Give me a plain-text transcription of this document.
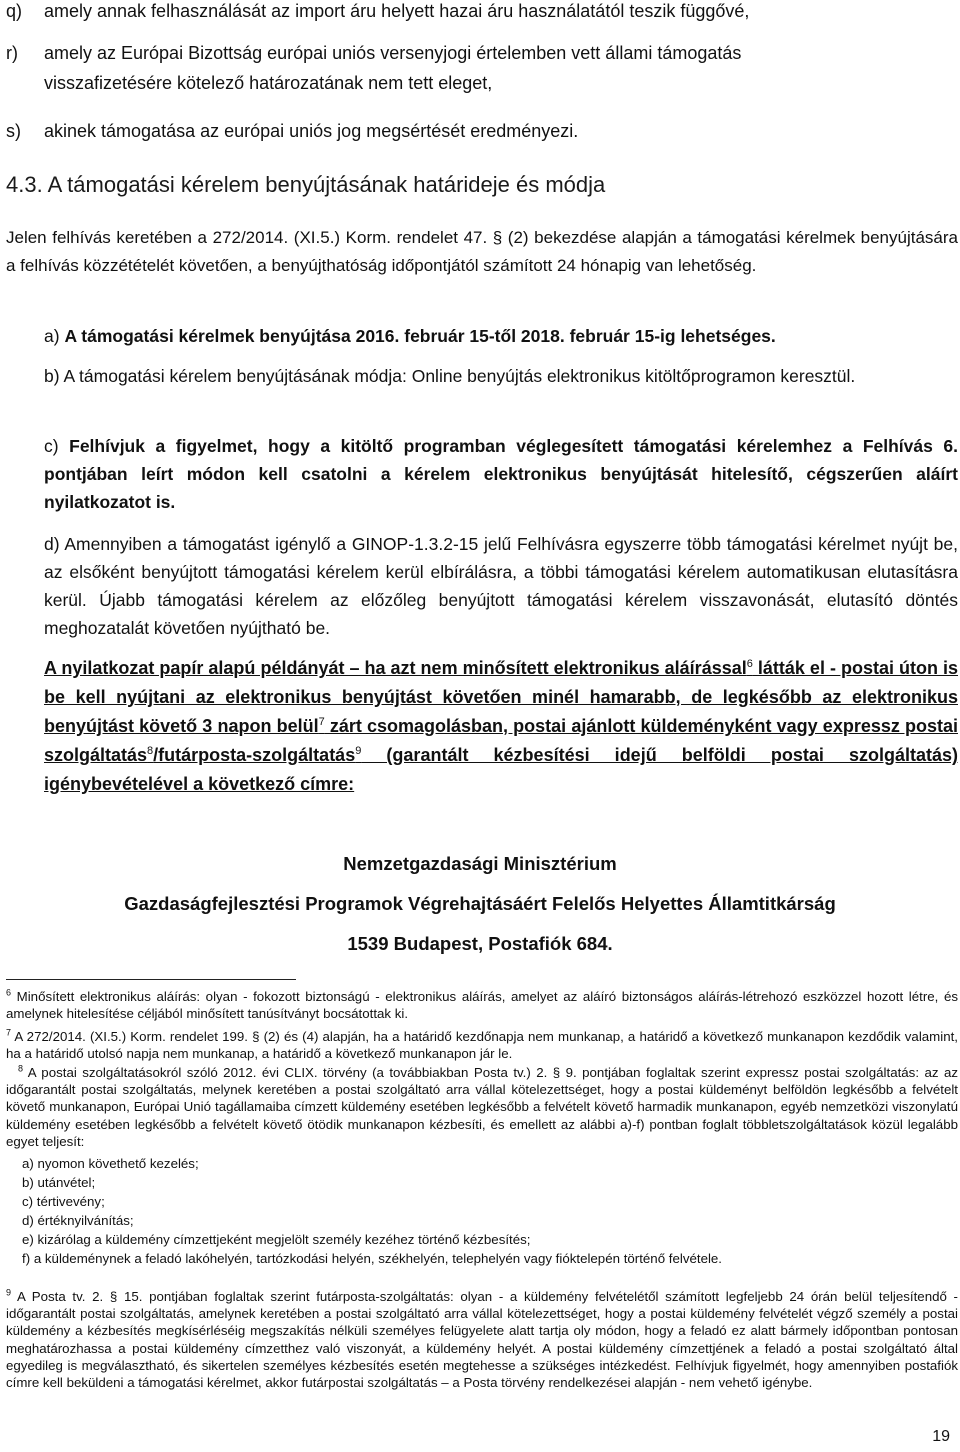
q) amely annak felhasználását az import áru helyett hazai áru használatától teszik függővé,
r) amely az Európai Bizottság európai uniós versenyjogi értelemben vett állami támogatás
visszafizetésére kötelező határozatának nem tett eleget,
s) akinek támogatása az európai uniós jog megsértését eredményezi.
4.3. A támogatási kérelem benyújtásának határideje és módja
Jelen felhívás keretében a 272/2014. (XI.5.) Korm. rendelet 47. § (2) bekezdése alapján a támogatási kérelmek benyújtására a felhívás közzétételét követően, a benyújthatóság időpontjától számított 24 hónapig van lehetőség.
a) A támogatási kérelmek benyújtása 2016. február 15-től 2018. február 15-ig lehetséges.
b) A támogatási kérelem benyújtásának módja: Online benyújtás elektronikus kitöltőprogramon keresztül.
c) Felhívjuk a figyelmet, hogy a kitöltő programban véglegesített támogatási kérelemhez a Felhívás 6. pontjában leírt módon kell csatolni a kérelem elektronikus benyújtását hitelesítő, cégszerűen aláírt nyilatkozatot is.
d) Amennyiben a támogatást igénylő a GINOP-1.3.2-15 jelű Felhívásra egyszerre több támogatási kérelmet nyújt be, az elsőként benyújtott támogatási kérelem kerül elbírálásra, a többi támogatási kérelem automatikusan elutasításra kerül. Újabb támogatási kérelem az előzőleg benyújtott támogatási kérelem visszavonását, elutasító döntés meghozatalát követően nyújtható be.
A nyilatkozat papír alapú példányát – ha azt nem minősített elektronikus aláírással$^6$ látták el - postai úton is be kell nyújtani az elektronikus benyújtást követően minél hamarabb, de legkésőbb az elektronikus benyújtást követő 3 napon belül$^7$ zárt csomagolásban, postai ajánlott küldeményként vagy expressz postai szolgáltatás$^8$/futárposta-szolgáltatás$^9$ (garantált kézbesítési idejű belföldi postai szolgáltatás) igénybevételével a következő címre:
Nemzetgazdasági Minisztérium
Gazdaságfejlesztési Programok Végrehajtásáért Felelős Helyettes Államtitkárság
1539 Budapest, Postafiók 684.
$^6$ Minősített elektronikus aláírás: olyan - fokozott biztonságú - elektronikus aláírás, amelyet az aláíró biztonságos aláírás-létrehozó eszközzel hozott létre, és amelynek hitelesítése céljából minősített tanúsítványt bocsátottak ki.
$^7$ A 272/2014. (XI.5.) Korm. rendelet 199. § (2) és (4) alapján, ha a határidő kezdőnapja nem munkanap, a határidő a következő munkanapon kezdődik valamint, ha a határidő utolsó napja nem munkanap, a határidő a következő munkanapon jár le.
$^8$ A postai szolgáltatásokról szóló 2012. évi CLIX. törvény (a továbbiakban Posta tv.) 2. § 9. pontjában foglaltak szerint expressz postai szolgáltatás: az az időgarantált postai szolgáltatás, melynek keretében a postai szolgáltató arra vállal kötelezettséget, hogy a postai küldeményt belföldön legkésőbb a felvételt követő munkanapon, Európai Unió tagállamaiba címzett küldemény esetében legkésőbb a felvételt követő harmadik munkanapon, egyéb nemzetközi viszonylatú küldemény esetében legkésőbb a felvételt követő ötödik munkanapon kézbesíti, és emellett az alábbi a)-f) pontban foglalt többletszolgáltatások közül legalább egyet teljesít:
a) nyomon követhető kezelés;
b) utánvétel;
c) tértivevény;
d) értéknyilvánítás;
e) kizárólag a küldemény címzettjeként megjelölt személy kezéhez történő kézbesítés;
f) a küldeménynek a feladó lakóhelyén, tartózkodási helyén, székhelyén, telephelyén vagy fióktelepén történő felvétele.
$^9$ A Posta tv. 2. § 15. pontjában foglaltak szerint futárposta-szolgáltatás: olyan - a küldemény felvételétől számított legfeljebb 24 órán belül teljesítendő - időgarantált postai szolgáltatás, amelynek keretében a postai szolgáltató arra vállal kötelezettséget, hogy a postai küldemény felvételét végző személy a postai küldemény a kézbesítés megkísérléséig megszakítás nélküli személyes felügyelete alatt tartja oly módon, hogy a feladó ez alatt bármely időpontban pontosan meghatározhassa a postai küldemény címzetthez való viszonyát, a küldemény helyét. A postai küldemény címzettjének a feladó a postai szolgáltató által egyedileg is megválasztható, és sikertelen személyes kézbesítés esetén megtehesse a szükséges intézkedést. Felhívjuk figyelmét, hogy amennyiben postafiók címre kell beküldeni a támogatási kérelmet, akkor futárpostai szolgáltatás – a Posta törvény rendelkezései alapján - nem vehető igénybe.
19
